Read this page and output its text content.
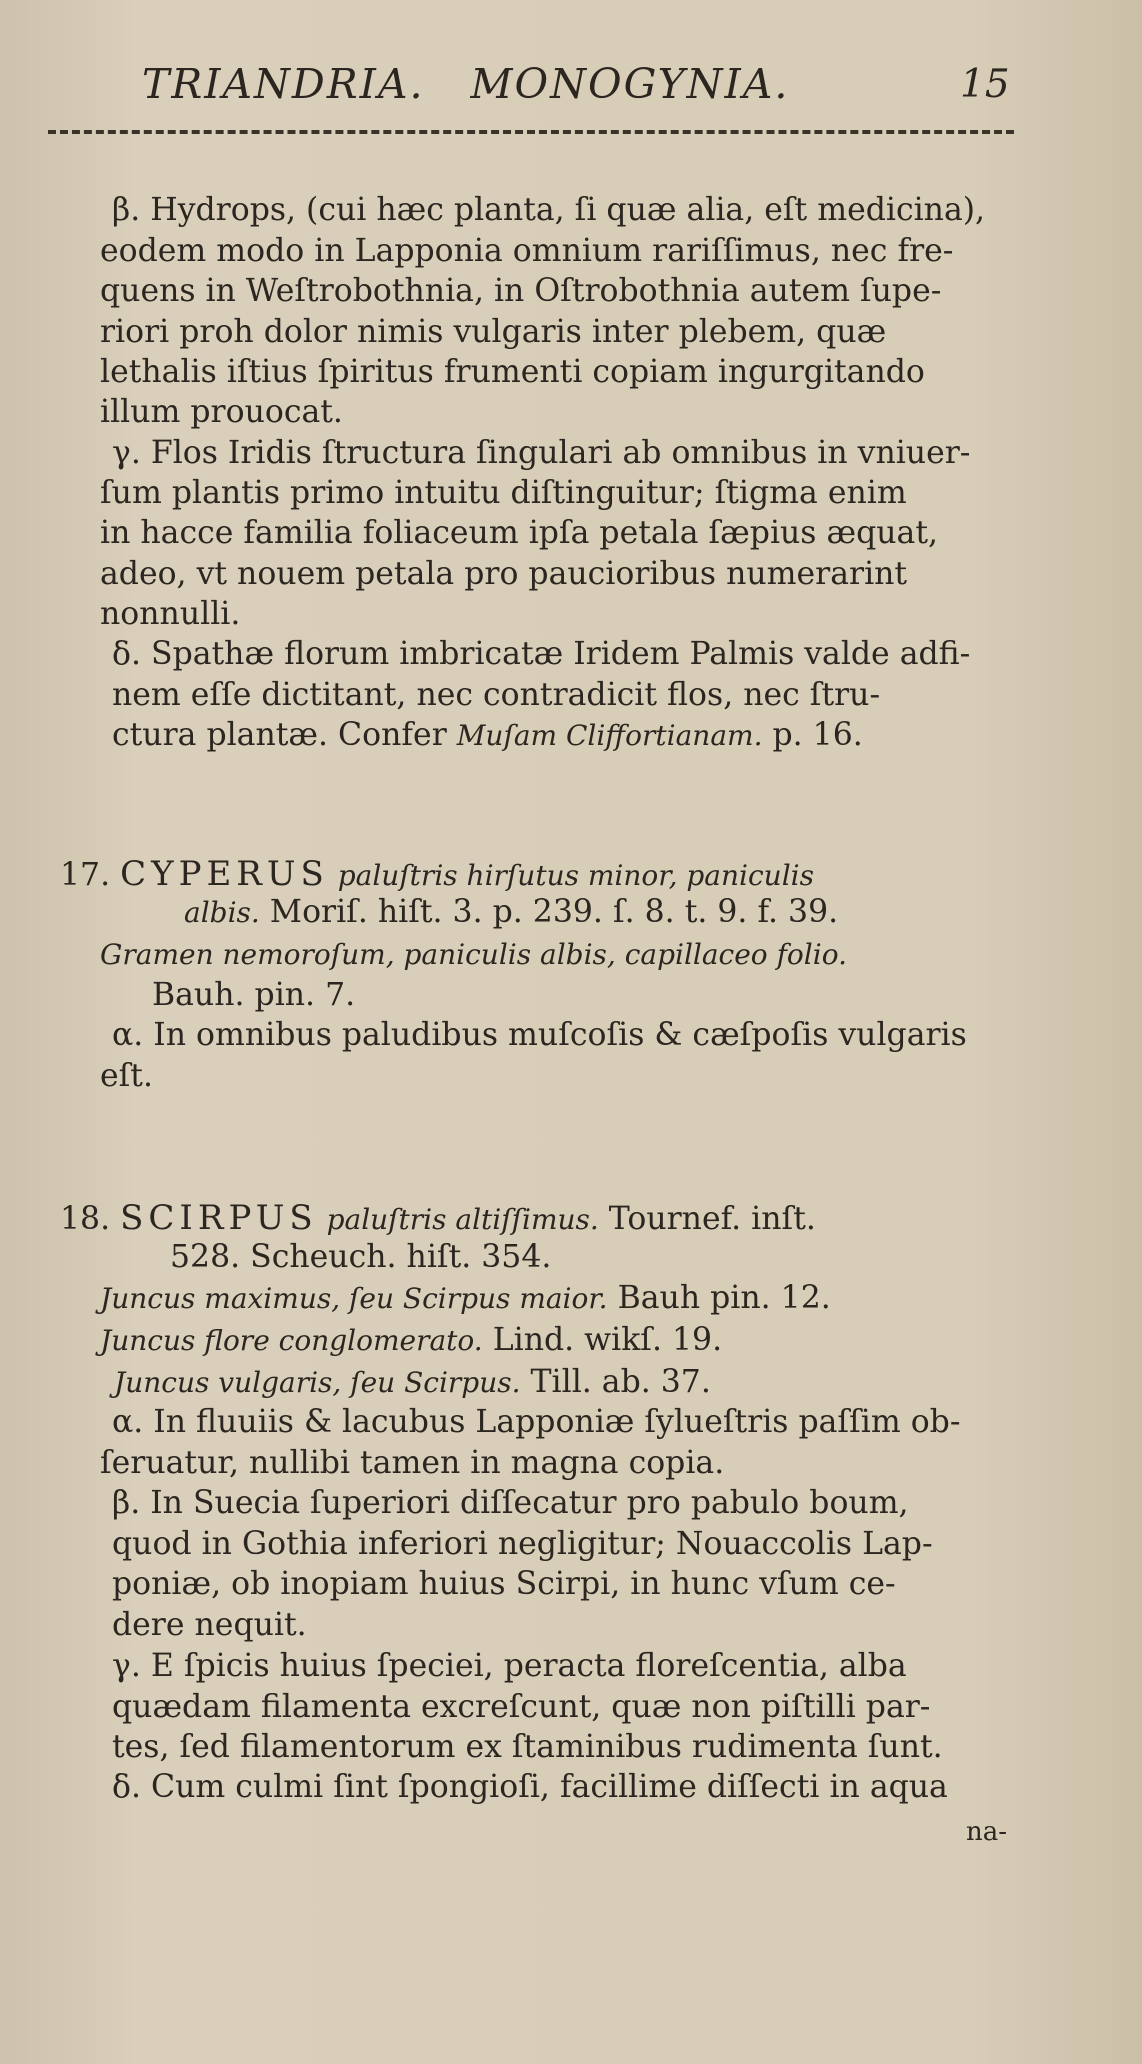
TRIANDRIA. MONOGYNIA.	15
β. Hydrops, (cui hæc planta, ſi quæ alia, eſt medicina),
eodem modo in Lapponia omnium rariſſimus, nec fre-
quens in Weſtrobothnia, in Oſtrobothnia autem ſupe-
riori proh dolor nimis vulgaris inter plebem, quæ
lethalis iſtius ſpiritus frumenti copiam ingurgitando
illum prouocat.
γ. Flos Iridis ſtructura ſingulari ab omnibus in vniuer-
ſum plantis primo intuitu diſtinguitur; ſtigma enim
in hacce familia foliaceum ipſa petala ſæpius æquat,
adeo, vt nouem petala pro paucioribus numerarint
nonnulli.
δ. Spathæ florum imbricatæ Iridem Palmis valde adfi-
nem eſſe dictitant, nec contradicit flos, nec ſtru-
ctura plantæ. Confer Muſam Cliffortianam. p. 16.
17. CYPERUS paluſtris hirſutus minor, paniculis
albis. Moriſ. hiſt. 3. p. 239. ſ. 8. t. 9. f. 39.
Gramen nemoroſum, paniculis albis, capillaceo folio.
Bauh. pin. 7.
α. In omnibus paludibus muſcoſis & cæſpoſis vulgaris
eſt.
18. SCIRPUS paluſtris altiſſimus. Tournef. inſt.
528. Scheuch. hiſt. 354.
Juncus maximus, ſeu Scirpus maior. Bauh pin. 12.
Juncus flore conglomerato. Lind. wikſ. 19.
Juncus vulgaris, ſeu Scirpus. Till. ab. 37.
α. In fluuiis & lacubus Lapponiæ ſylueſtris paſſim ob-
ſeruatur, nullibi tamen in magna copia.
β. In Suecia ſuperiori diſſecatur pro pabulo boum,
quod in Gothia inferiori negligitur; Nouaccolis Lap-
poniæ, ob inopiam huius Scirpi, in hunc vſum ce-
dere nequit.
γ. E ſpicis huius ſpeciei, peracta floreſcentia, alba
quædam filamenta excreſcunt, quæ non piſtilli par-
tes, ſed filamentorum ex ſtaminibus rudimenta ſunt.
δ. Cum culmi ſint ſpongioſi, facillime diſſecti in aqua
na-
